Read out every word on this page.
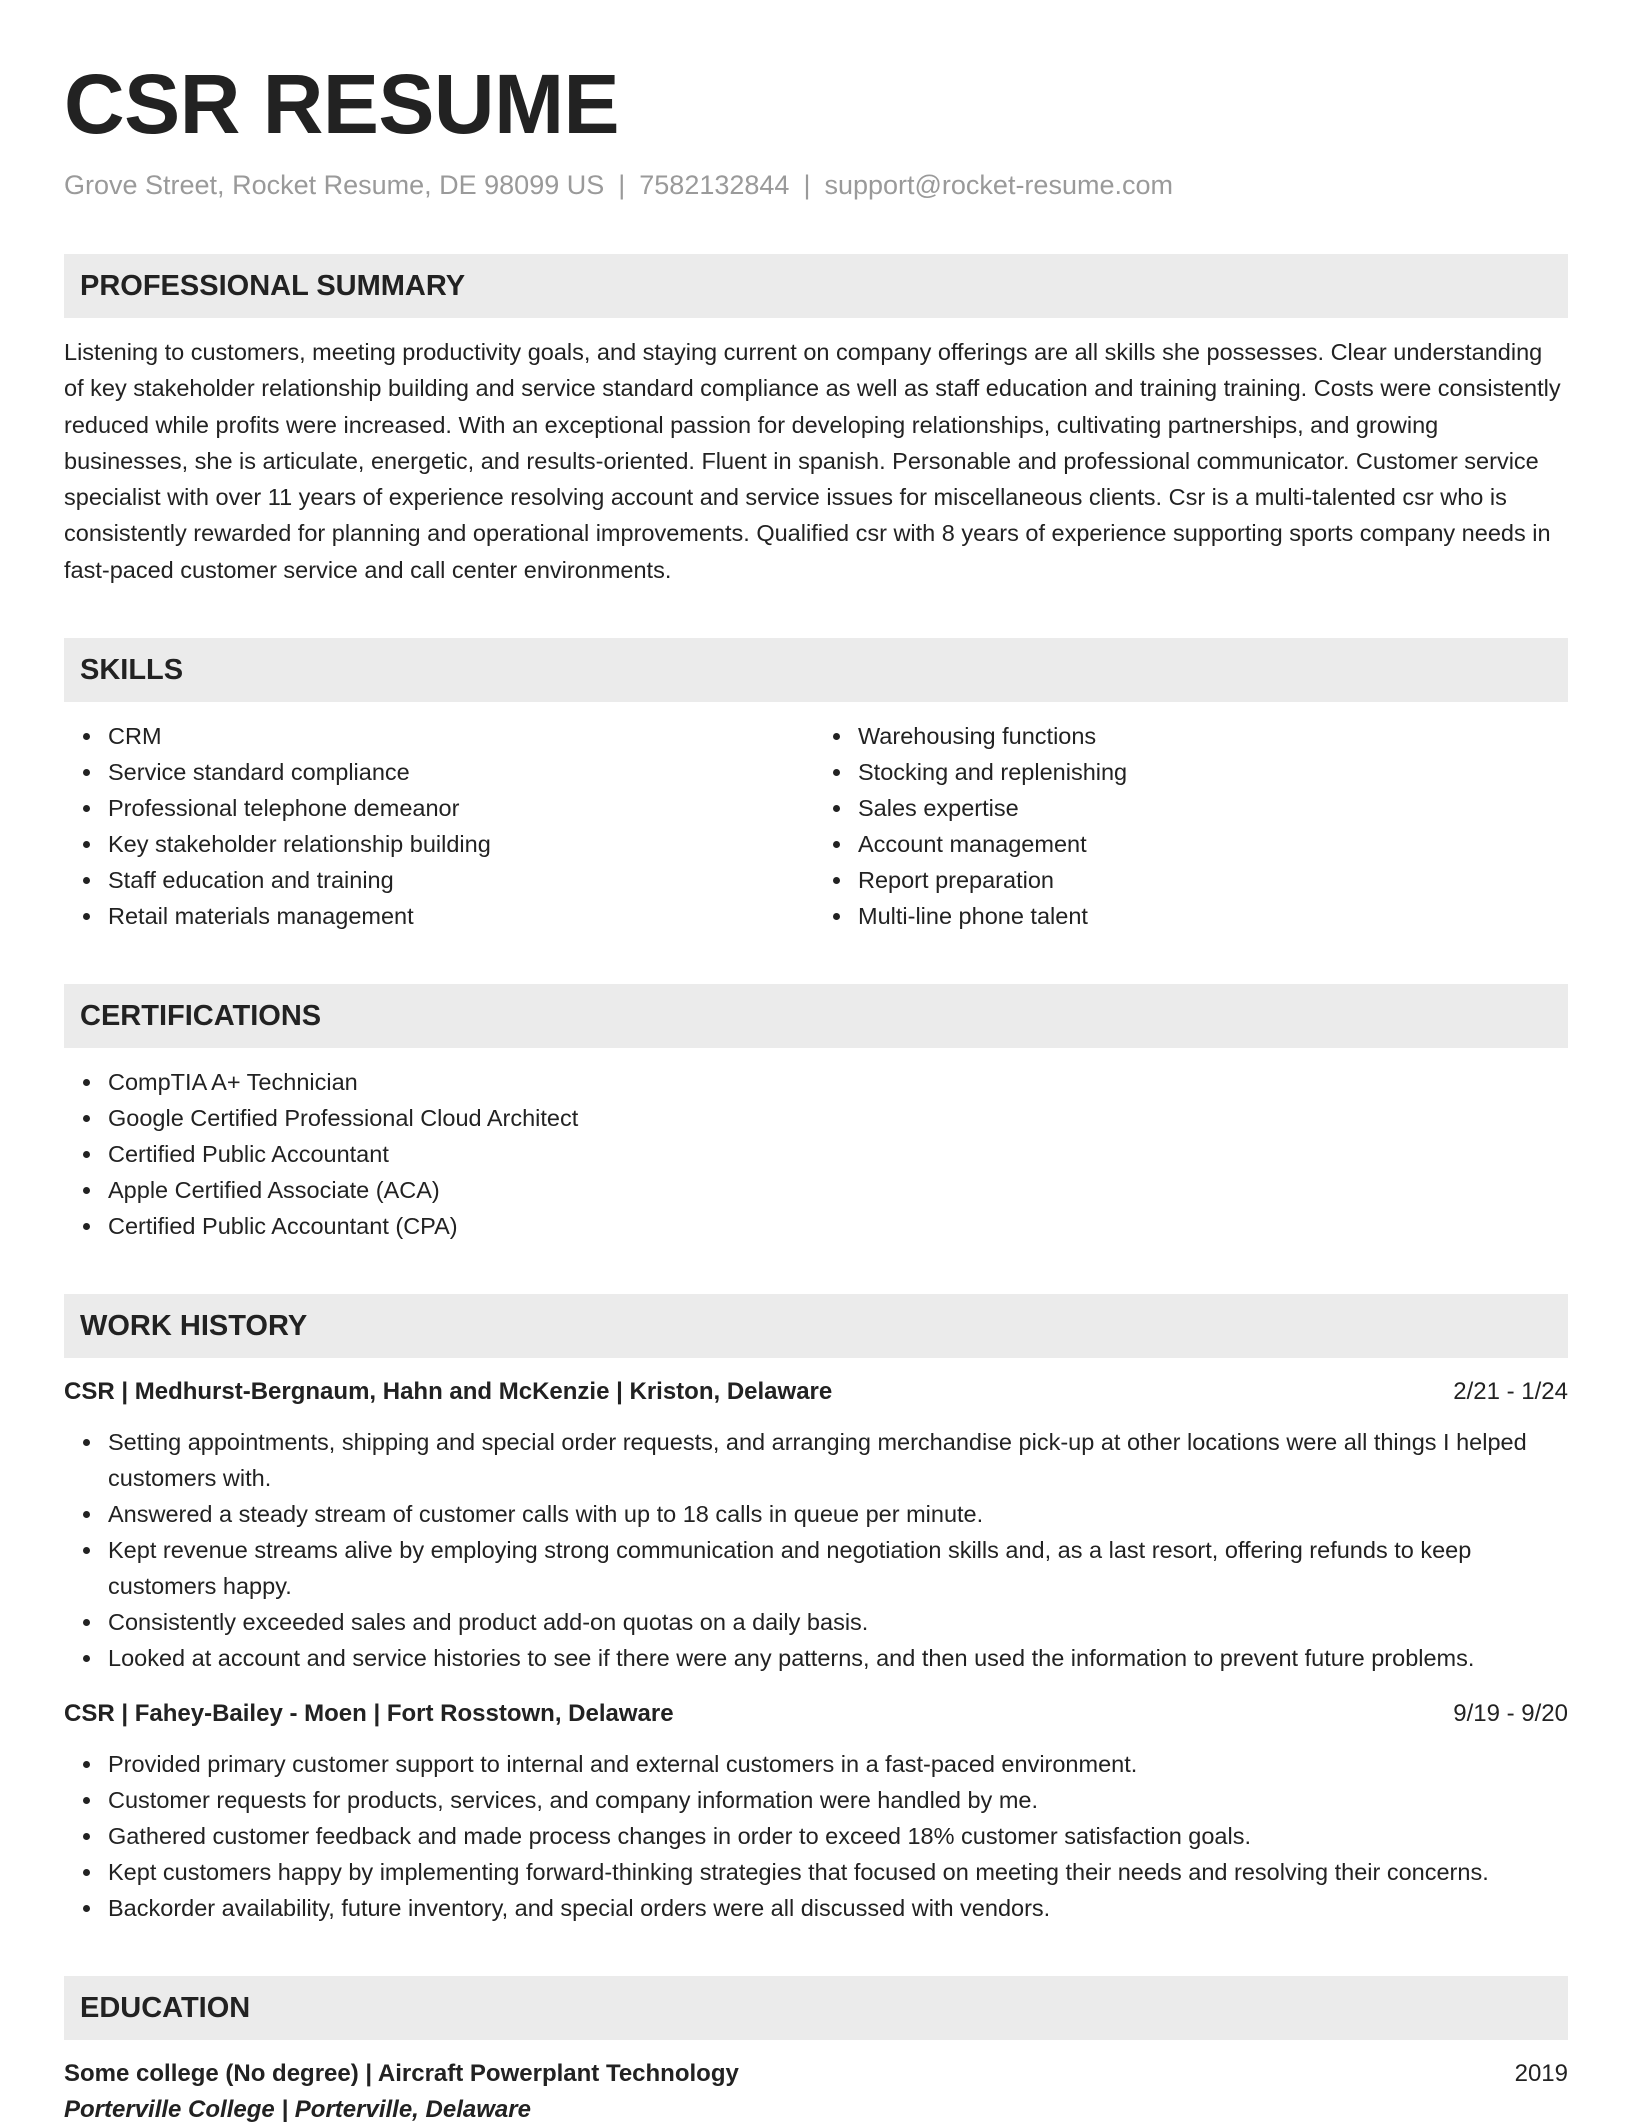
CSR RESUME
Grove Street, Rocket Resume, DE 98099 US | 7582132844 | support@rocket-resume.com
PROFESSIONAL SUMMARY
Listening to customers, meeting productivity goals, and staying current on company offerings are all skills she possesses. Clear understanding of key stakeholder relationship building and service standard compliance as well as staff education and training training. Costs were consistently reduced while profits were increased. With an exceptional passion for developing relationships, cultivating partnerships, and growing businesses, she is articulate, energetic, and results-oriented. Fluent in spanish. Personable and professional communicator. Customer service specialist with over 11 years of experience resolving account and service issues for miscellaneous clients. Csr is a multi-talented csr who is consistently rewarded for planning and operational improvements. Qualified csr with 8 years of experience supporting sports company needs in fast-paced customer service and call center environments.
SKILLS
CRM
Service standard compliance
Professional telephone demeanor
Key stakeholder relationship building
Staff education and training
Retail materials management
Warehousing functions
Stocking and replenishing
Sales expertise
Account management
Report preparation
Multi-line phone talent
CERTIFICATIONS
CompTIA A+ Technician
Google Certified Professional Cloud Architect
Certified Public Accountant
Apple Certified Associate (ACA)
Certified Public Accountant (CPA)
WORK HISTORY
CSR | Medhurst-Bergnaum, Hahn and McKenzie | Kriston, Delaware	2/21 - 1/24
Setting appointments, shipping and special order requests, and arranging merchandise pick-up at other locations were all things I helped customers with.
Answered a steady stream of customer calls with up to 18 calls in queue per minute.
Kept revenue streams alive by employing strong communication and negotiation skills and, as a last resort, offering refunds to keep customers happy.
Consistently exceeded sales and product add-on quotas on a daily basis.
Looked at account and service histories to see if there were any patterns, and then used the information to prevent future problems.
CSR | Fahey-Bailey - Moen | Fort Rosstown, Delaware	9/19 - 9/20
Provided primary customer support to internal and external customers in a fast-paced environment.
Customer requests for products, services, and company information were handled by me.
Gathered customer feedback and made process changes in order to exceed 18% customer satisfaction goals.
Kept customers happy by implementing forward-thinking strategies that focused on meeting their needs and resolving their concerns.
Backorder availability, future inventory, and special orders were all discussed with vendors.
EDUCATION
Some college (No degree) | Aircraft Powerplant Technology	2019
Porterville College | Porterville, Delaware
